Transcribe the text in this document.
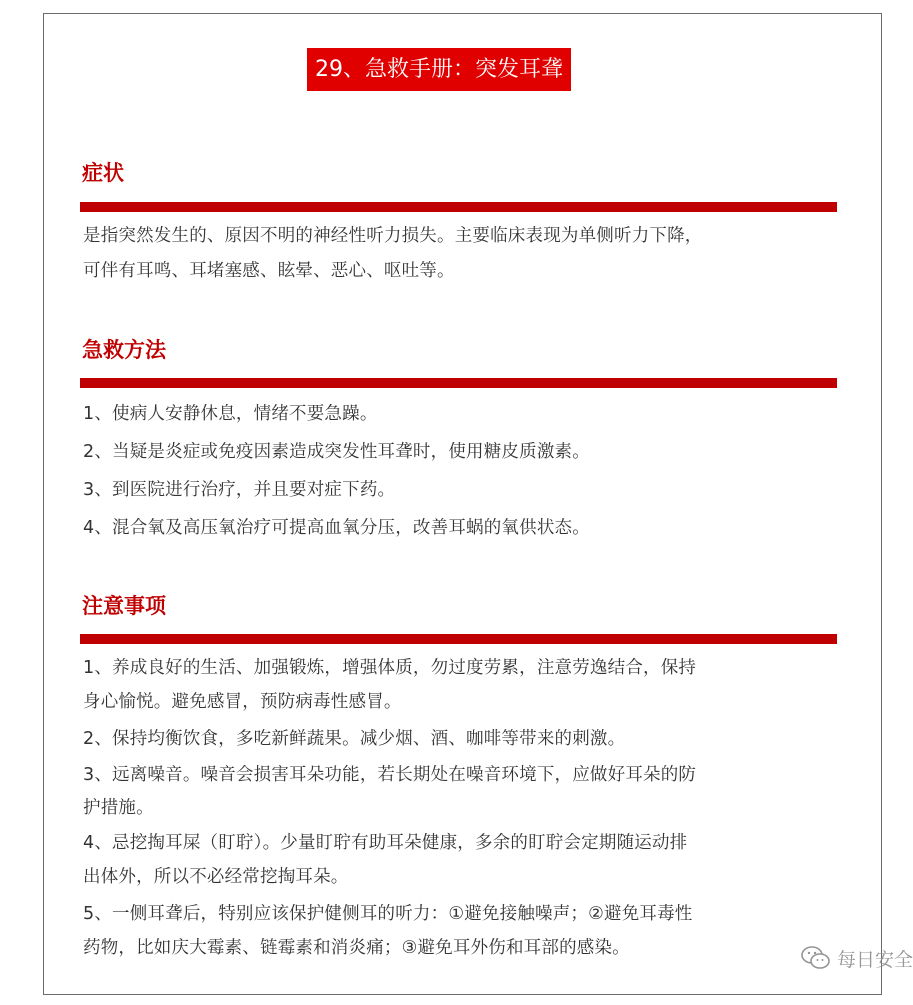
29、急救手册：突发耳聋
症状
是指突然发生的、原因不明的神经性听力损失。主要临床表现为单侧听力下降，
可伴有耳鸣、耳堵塞感、眩晕、恶心、呕吐等。
急救方法
1、使病人安静休息，情绪不要急躁。
2、当疑是炎症或免疫因素造成突发性耳聋时，使用糖皮质激素。
3、到医院进行治疗，并且要对症下药。
4、混合氧及高压氧治疗可提高血氧分压，改善耳蜗的氧供状态。
注意事项
1、养成良好的生活、加强锻炼，增强体质，勿过度劳累，注意劳逸结合，保持
身心愉悦。避免感冒，预防病毒性感冒。
2、保持均衡饮食，多吃新鲜蔬果。减少烟、酒、咖啡等带来的刺激。
3、远离噪音。噪音会损害耳朵功能，若长期处在噪音环境下，应做好耳朵的防
护措施。
4、忌挖掏耳屎（盯聍）。少量盯聍有助耳朵健康，多余的盯聍会定期随运动排
出体外，所以不必经常挖掏耳朵。
5、一侧耳聋后，特别应该保护健侧耳的听力：①避免接触噪声；②避免耳毒性
药物，比如庆大霉素、链霉素和消炎痛；③避免耳外伤和耳部的感染。
每日安全
